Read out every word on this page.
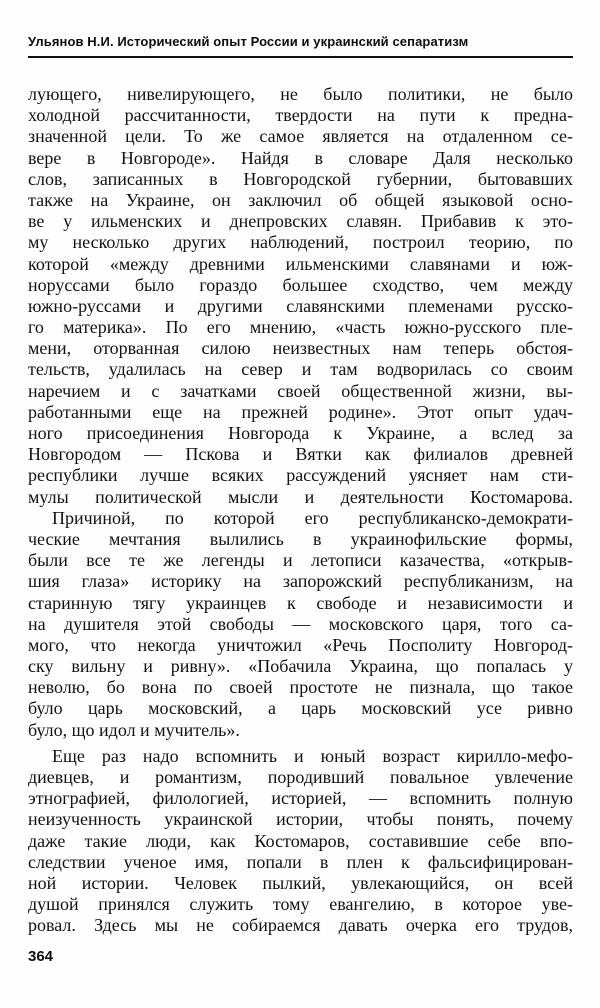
Ульянов Н.И. Исторический опыт России и украинский сепаратизм
лующего, нивелирующего, не было политики, не было
холодной рассчитанности, твердости на пути к предна-
значенной цели. То же самое является на отдаленном се-
вере в Новгороде». Найдя в словаре Даля несколько
слов, записанных в Новгородской губернии, бытовавших
также на Украине, он заключил об общей языковой осно-
ве у ильменских и днепровских славян. Прибавив к это-
му несколько других наблюдений, построил теорию, по
которой «между древними ильменскими славянами и юж-
норуссами было гораздо большее сходство, чем между
южно-руссами и другими славянскими племенами русско-
го материка». По его мнению, «часть южно-русского пле-
мени, оторванная силою неизвестных нам теперь обстоя-
тельств, удалилась на север и там водворилась со своим
наречием и с зачатками своей общественной жизни, вы-
работанными еще на прежней родине». Этот опыт удач-
ного присоединения Новгорода к Украине, а вслед за
Новгородом — Пскова и Вятки как филиалов древней
республики лучше всяких рассуждений уясняет нам сти-
мулы политической мысли и деятельности Костомарова.
Причиной, по которой его республиканско-демократи-
ческие мечтания вылились в украинофильские формы,
были все те же легенды и летописи казачества, «открыв-
шия глаза» историку на запорожский республиканизм, на
старинную тягу украинцев к свободе и независимости и
на душителя этой свободы — московского царя, того са-
мого, что некогда уничтожил «Речь Посполиту Новгород-
ску вильну и ривну». «Побачила Украина, що попалась у
неволю, бо вона по своей простоте не пизнала, що такое
було царь московский, а царь московский усе ривно
було, що идол и мучитель».
Еще раз надо вспомнить и юный возраст кирилло-мефо-
диевцев, и романтизм, породивший повальное увлечение
этнографией, филологией, историей, — вспомнить полную
неизученность украинской истории, чтобы понять, почему
даже такие люди, как Костомаров, составившие себе впо-
следствии ученое имя, попали в плен к фальсифицирован-
ной истории. Человек пылкий, увлекающийся, он всей
душой принялся служить тому евангелию, в которое уве-
ровал. Здесь мы не собираемся давать очерка его трудов,
364
